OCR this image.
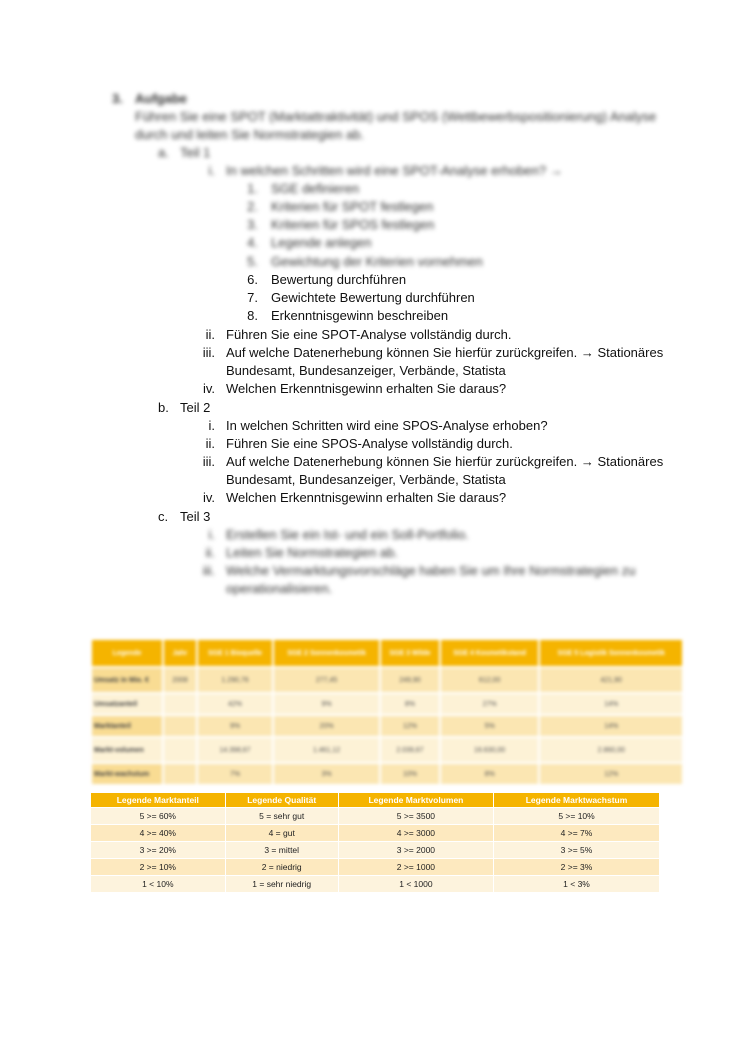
3. Aufgabe
Führen Sie eine SPOT (Marktattraktivität) und SPOS (Wettbewerbspositionierung) Analyse
durch und leiten Sie Normstrategien ab.
a. Teil 1
i. In welchen Schritten wird eine SPOT-Analyse erhoben? →
1. SGE definieren
2. Kriterien für SPOT festlegen
3. Kriterien für SPOS festlegen
4. Legende anlegen
5. Gewichtung der Kriterien vornehmen
6. Bewertung durchführen
7. Gewichtete Bewertung durchführen
8. Erkenntnisgewinn beschreiben
ii. Führen Sie eine SPOT-Analyse vollständig durch.
iii. Auf welche Datenerhebung können Sie hierfür zurückgreifen. → Stationäres
Bundesamt, Bundesanzeiger, Verbände, Statista
iv. Welchen Erkenntnisgewinn erhalten Sie daraus?
b. Teil 2
i. In welchen Schritten wird eine SPOS-Analyse erhoben?
ii. Führen Sie eine SPOS-Analyse vollständig durch.
iii. Auf welche Datenerhebung können Sie hierfür zurückgreifen. → Stationäres
Bundesamt, Bundesanzeiger, Verbände, Statista
iv. Welchen Erkenntnisgewinn erhalten Sie daraus?
c. Teil 3
i. Erstellen Sie ein Ist- und ein Soll-Portfolio.
ii. Leiten Sie Normstrategien ab.
iii. Welche Vermarktungsvorschläge haben Sie um Ihre Normstrategien zu
operationalisieren.
Legende	Jahr	SGE 1 Bioquelle	SGE 2 Sonnenkosmetik	SGE 3 Wilde	SGE 4 Kosmetikstand	SGE 5 Logistik Sonnenkosmetik
Umsatz in Mio. €	2008	1.290,76	277,45	249,90	612,00	421,90
Umsatzanteil		42%	9%	8%	27%	14%
Marktanteil		9%	20%	12%	5%	14%
Markt-volumen		14.398,67	1.461,12	2.039,67	16.630,00	2.860,00
Markt-wachstum		7%	3%	10%	8%	12%
Legende Marktanteil	Legende Qualität	Legende Marktvolumen	Legende Marktwachstum
5 >= 60%	5 = sehr gut	5 >= 3500	5 >= 10%
4 >= 40%	4 = gut	4 >= 3000	4 >= 7%
3 >= 20%	3 = mittel	3 >= 2000	3 >= 5%
2 >= 10%	2 = niedrig	2 >= 1000	2 >= 3%
1 < 10%	1 = sehr niedrig	1 < 1000	1 < 3%
